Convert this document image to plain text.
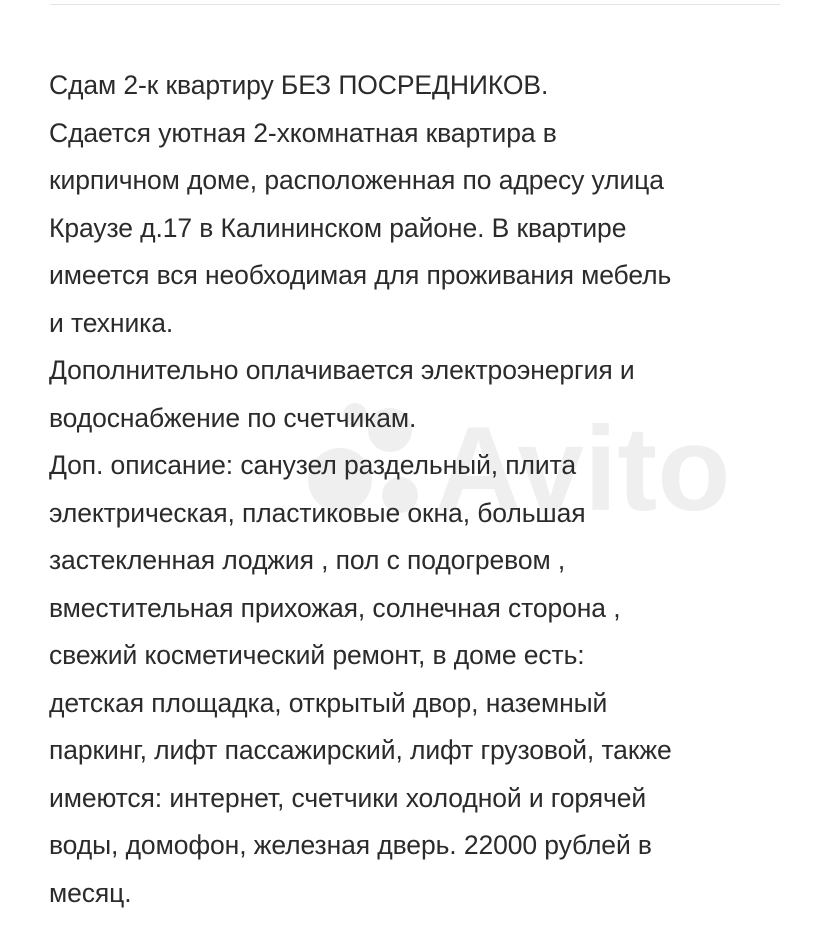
Avito

Сдам 2-к квартиру БЕЗ ПОСРЕДНИКОВ.

Сдается уютная 2-хкомнатная квартира в
кирпичном доме, расположенная по адресу улица
Краузе д.17 в Калининском районе. В квартире
имеется вся необходимая для проживания мебель
и техника.

Дополнительно оплачивается электроэнергия и
водоснабжение по счетчикам.

Доп. описание: санузел раздельный, плита
электрическая, пластиковые окна, большая
застекленная лоджия , пол с подогревом ,
вместительная прихожая, солнечная сторона ,
свежий косметический ремонт, в доме есть:
детская площадка, открытый двор, наземный
паркинг, лифт пассажирский, лифт грузовой, также
имеются: интернет, счетчики холодной и горячей
воды, домофон, железная дверь. 22000 рублей в
месяц.
